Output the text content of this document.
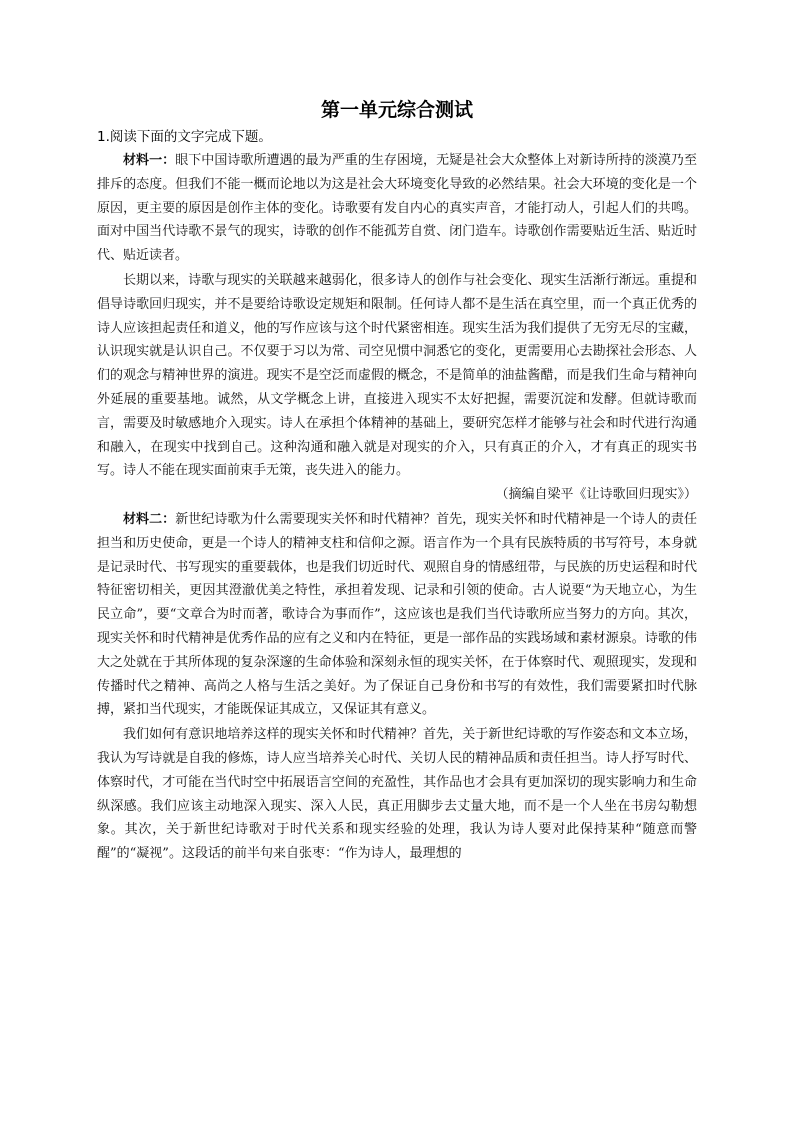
第一单元综合测试
1.阅读下面的文字完成下题。

材料一：眼下中国诗歌所遭遇的最为严重的生存困境，无疑是社会大众整体上对新诗所持的淡漠乃至排斥的态度。但我们不能一概而论地以为这是社会大环境变化导致的必然结果。社会大环境的变化是一个原因，更主要的原因是创作主体的变化。诗歌要有发自内心的真实声音，才能打动人，引起人们的共鸣。面对中国当代诗歌不景气的现实，诗歌的创作不能孤芳自赏、闭门造车。诗歌创作需要贴近生活、贴近时代、贴近读者。

长期以来，诗歌与现实的关联越来越弱化，很多诗人的创作与社会变化、现实生活渐行渐远。重提和倡导诗歌回归现实，并不是要给诗歌设定规矩和限制。任何诗人都不是生活在真空里，而一个真正优秀的诗人应该担起责任和道义，他的写作应该与这个时代紧密相连。现实生活为我们提供了无穷无尽的宝藏，认识现实就是认识自己。不仅要于习以为常、司空见惯中洞悉它的变化，更需要用心去勘探社会形态、人们的观念与精神世界的演进。现实不是空泛而虚假的概念，不是简单的油盐酱醋，而是我们生命与精神向外延展的重要基地。诚然，从文学概念上讲，直接进入现实不太好把握，需要沉淀和发酵。但就诗歌而言，需要及时敏感地介入现实。诗人在承担个体精神的基础上，要研究怎样才能够与社会和时代进行沟通和融入，在现实中找到自己。这种沟通和融入就是对现实的介入，只有真正的介入，才有真正的现实书写。诗人不能在现实面前束手无策，丧失进入的能力。

（摘编自梁平《让诗歌回归现实》）

材料二：新世纪诗歌为什么需要现实关怀和时代精神？首先，现实关怀和时代精神是一个诗人的责任担当和历史使命，更是一个诗人的精神支柱和信仰之源。语言作为一个具有民族特质的书写符号，本身就是记录时代、书写现实的重要载体，也是我们切近时代、观照自身的情感纽带，与民族的历史运程和时代特征密切相关，更因其澄澈优美之特性，承担着发现、记录和引领的使命。古人说要“为天地立心，为生民立命”，要“文章合为时而著，歌诗合为事而作”，这应该也是我们当代诗歌所应当努力的方向。其次，现实关怀和时代精神是优秀作品的应有之义和内在特征，更是一部作品的实践场域和素材源泉。诗歌的伟大之处就在于其所体现的复杂深邃的生命体验和深刻永恒的现实关怀，在于体察时代、观照现实，发现和传播时代之精神、高尚之人格与生活之美好。为了保证自己身份和书写的有效性，我们需要紧扣时代脉搏，紧扣当代现实，才能既保证其成立，又保证其有意义。

我们如何有意识地培养这样的现实关怀和时代精神？首先，关于新世纪诗歌的写作姿态和文本立场，我认为写诗就是自我的修炼，诗人应当培养关心时代、关切人民的精神品质和责任担当。诗人抒写时代、体察时代，才可能在当代时空中拓展语言空间的充盈性，其作品也才会具有更加深切的现实影响力和生命纵深感。我们应该主动地深入现实、深入人民，真正用脚步去丈量大地，而不是一个人坐在书房勾勒想象。其次，关于新世纪诗歌对于时代关系和现实经验的处理，我认为诗人要对此保持某种“随意而警醒”的“凝视”。这段话的前半句来自张枣：“作为诗人，最理想的
